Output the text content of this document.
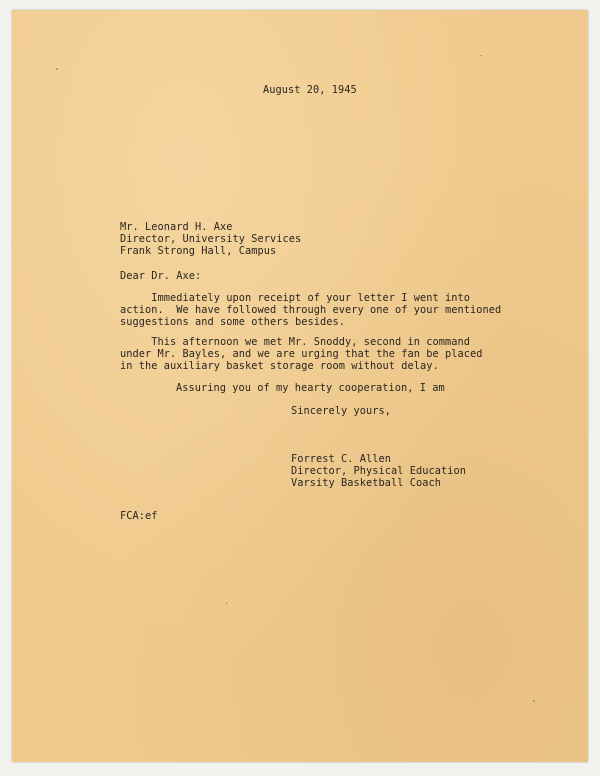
August 20, 1945
Mr. Leonard H. Axe
Director, University Services
Frank Strong Hall, Campus
Dear Dr. Axe:
Immediately upon receipt of your letter I went into
action.  We have followed through every one of your mentioned
suggestions and some others besides.
This afternoon we met Mr. Snoddy, second in command
under Mr. Bayles, and we are urging that the fan be placed
in the auxiliary basket storage room without delay.
Assuring you of my hearty cooperation, I am
Sincerely yours,
Forrest C. Allen
Director, Physical Education
Varsity Basketball Coach
FCA:ef
